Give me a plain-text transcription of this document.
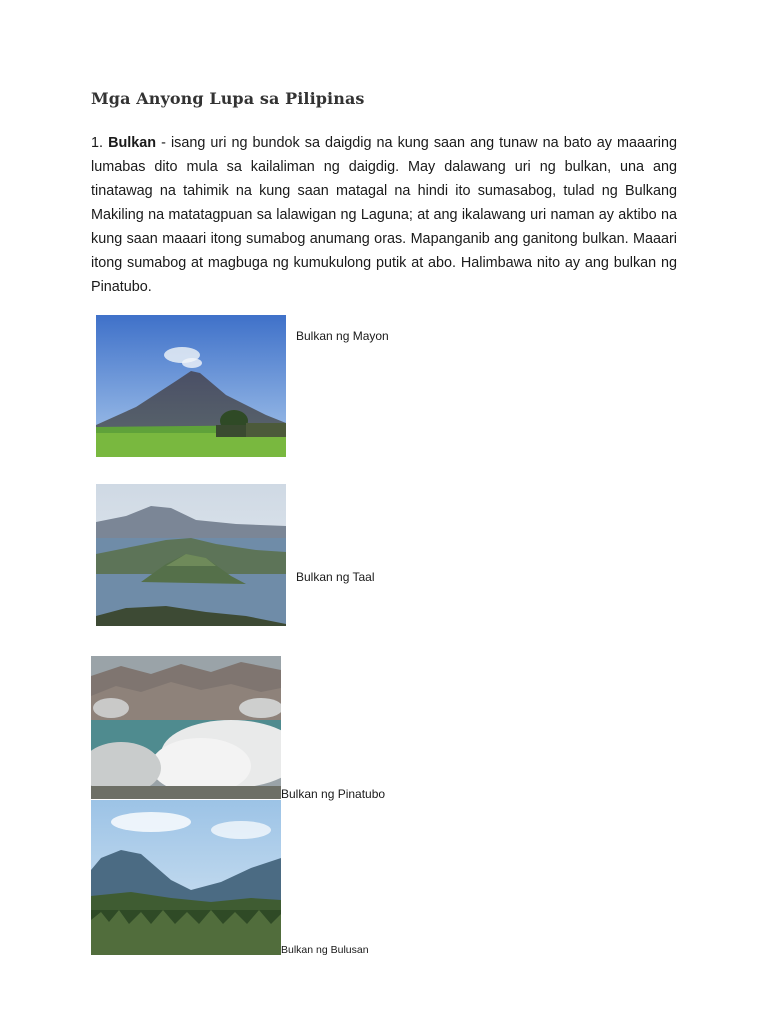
Mga Anyong Lupa sa Pilipinas

1. Bulkan - isang uri ng bundok sa daigdig na kung saan ang tunaw na bato ay maaaring lumabas dito mula sa kailaliman ng daigdig. May dalawang uri ng bulkan, una ang tinatawag na tahimik na kung saan matagal na hindi ito sumasabog, tulad ng Bulkang Makiling na matatagpuan sa lalawigan ng Laguna; at ang ikalawang uri naman ay aktibo na kung saan maaari itong sumabog anumang oras. Mapanganib ang ganitong bulkan. Maaari itong sumabog at magbuga ng kumukulong putik at abo. Halimbawa nito ay ang bulkan ng Pinatubo.

Bulkan ng Mayon
Bulkan ng Taal
Bulkan ng Pinatubo
Bulkan ng Bulusan
